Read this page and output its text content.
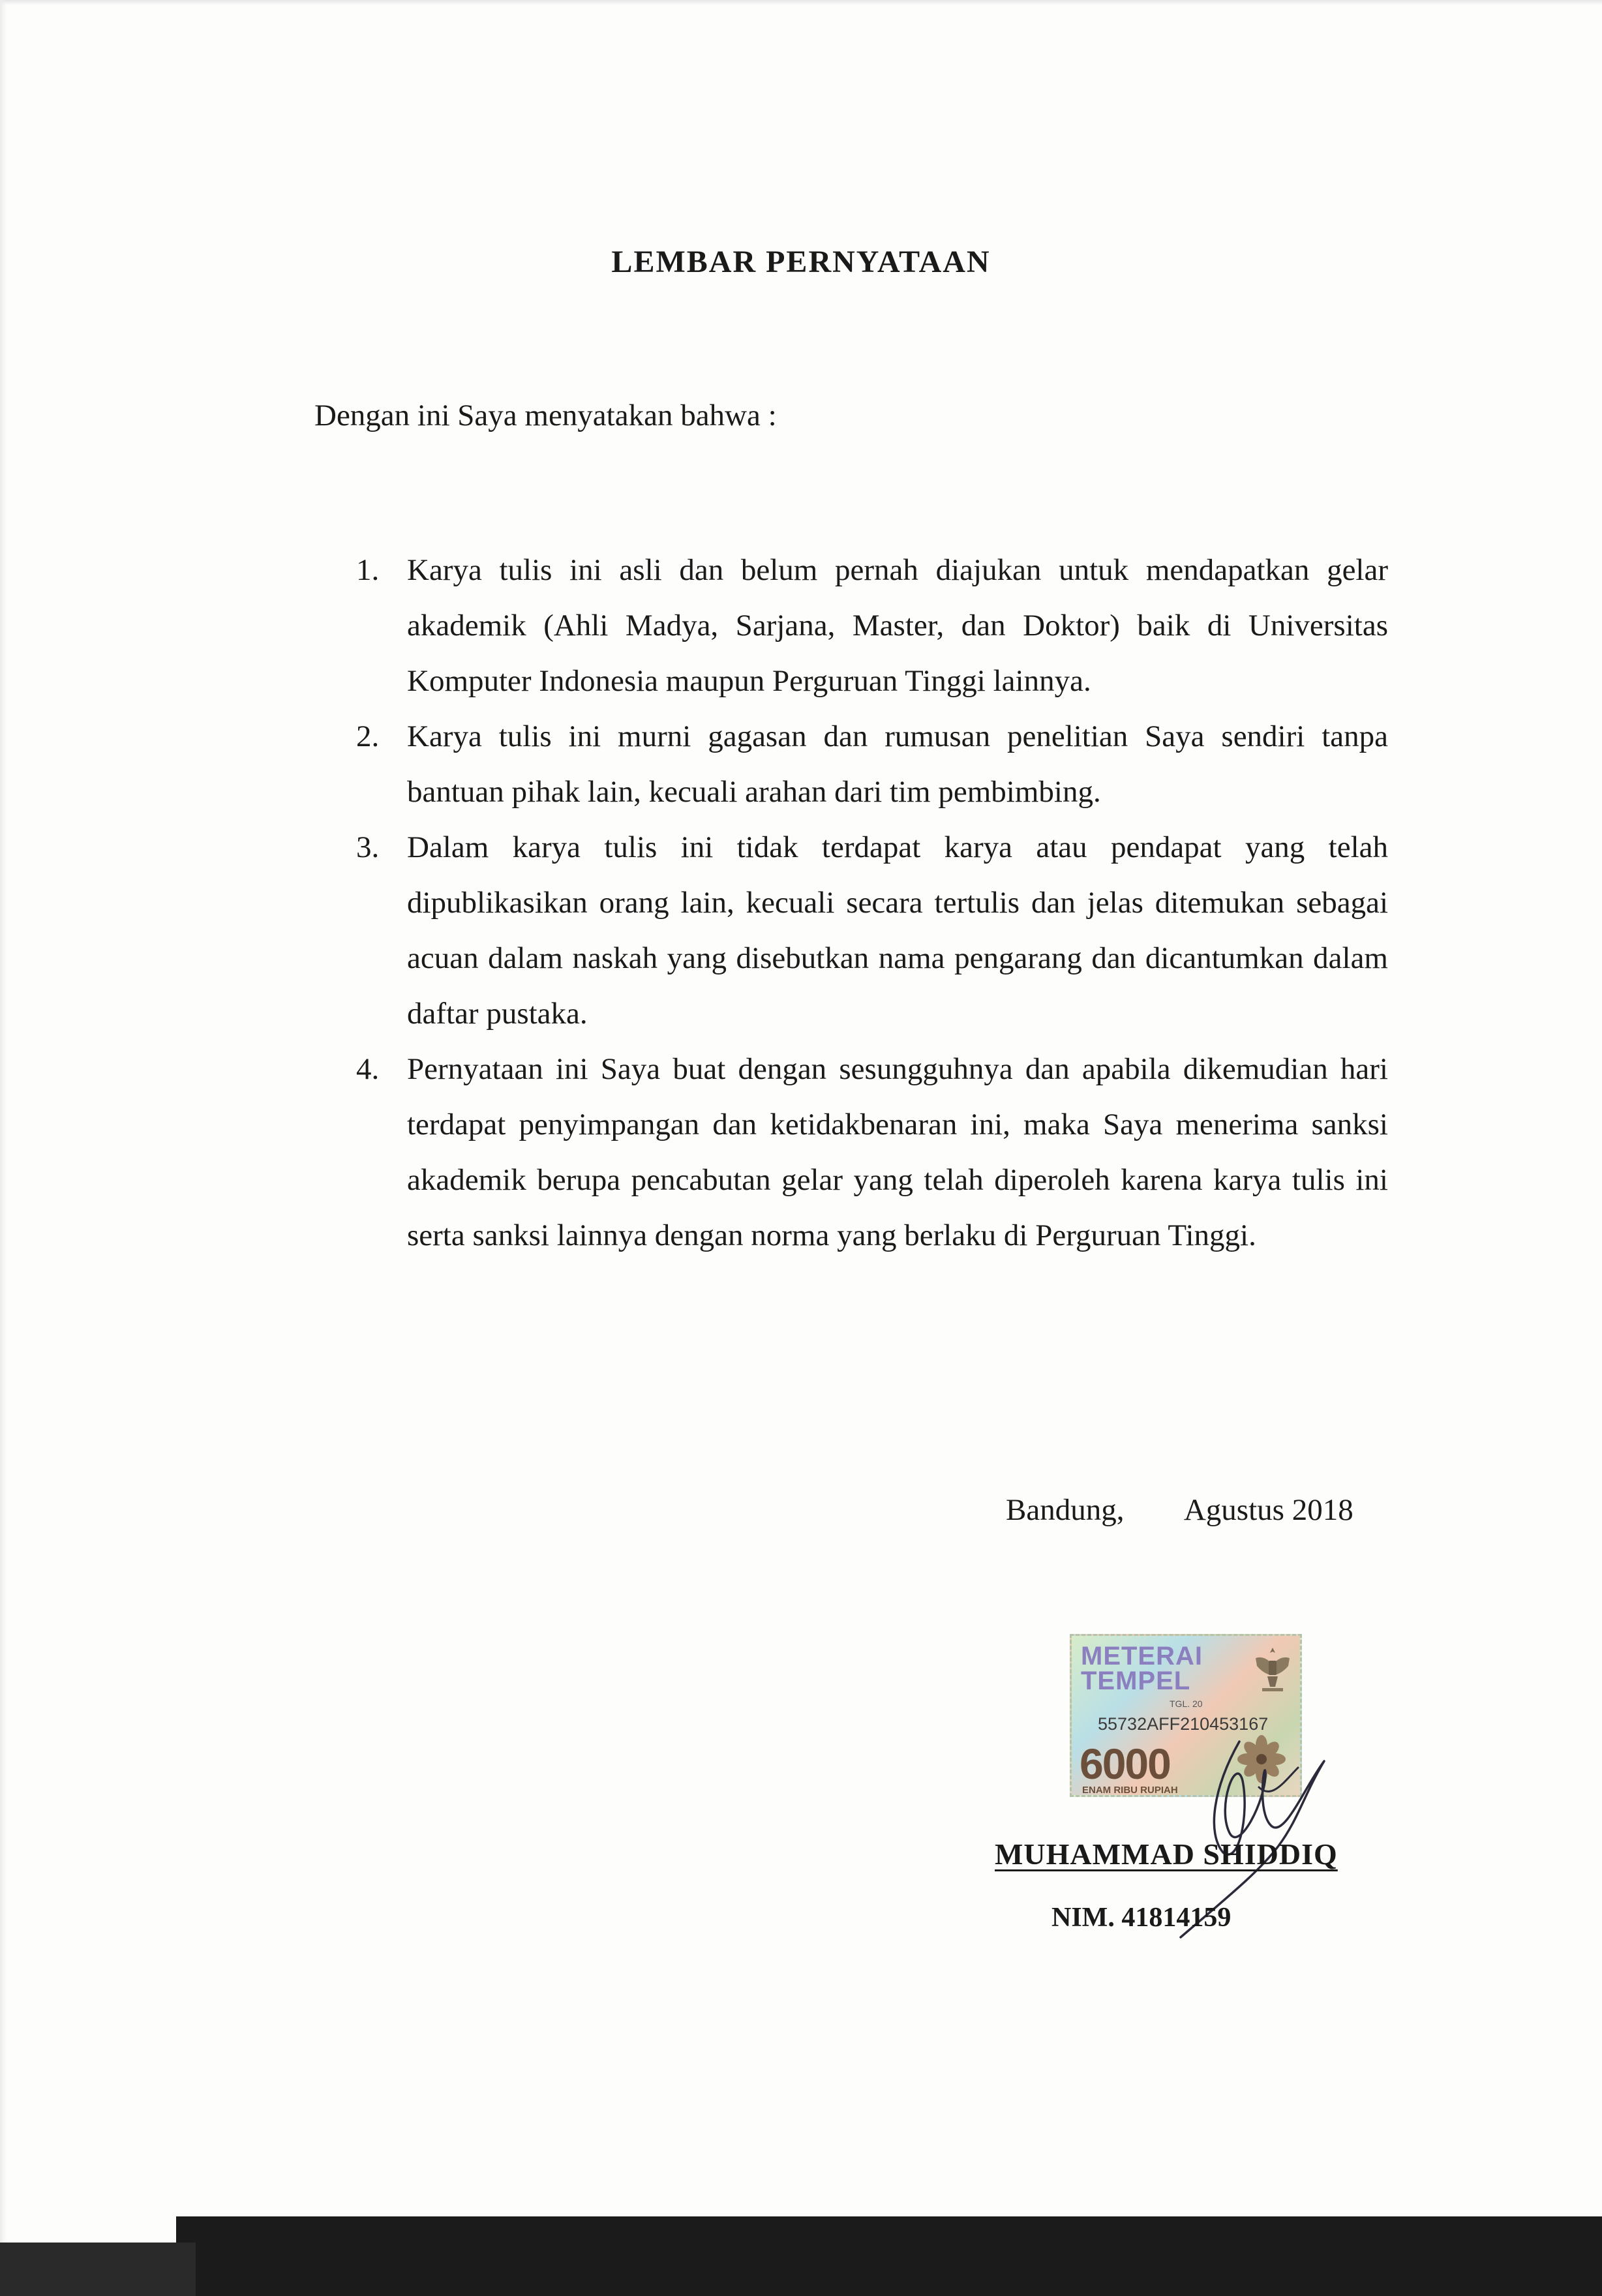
LEMBAR PERNYATAAN

Dengan ini Saya menyatakan bahwa :

1. Karya tulis ini asli dan belum pernah diajukan untuk mendapatkan gelar akademik (Ahli Madya, Sarjana, Master, dan Doktor) baik di Universitas Komputer Indonesia maupun Perguruan Tinggi lainnya.
2. Karya tulis ini murni gagasan dan rumusan penelitian Saya sendiri tanpa bantuan pihak lain, kecuali arahan dari tim pembimbing.
3. Dalam karya tulis ini tidak terdapat karya atau pendapat yang telah dipublikasikan orang lain, kecuali secara tertulis dan jelas ditemukan sebagai acuan dalam naskah yang disebutkan nama pengarang dan dicantumkan dalam daftar pustaka.
4. Pernyataan ini Saya buat dengan sesungguhnya dan apabila dikemudian hari terdapat penyimpangan dan ketidakbenaran ini, maka Saya menerima sanksi akademik berupa pencabutan gelar yang telah diperoleh karena karya tulis ini serta sanksi lainnya dengan norma yang berlaku di Perguruan Tinggi.

Bandung,        Agustus 2018

METERAI
TEMPEL
TGL. 20
55732AFF210453167
6000
ENAM RIBU RUPIAH

MUHAMMAD SHIDDIQ

NIM. 41814159
